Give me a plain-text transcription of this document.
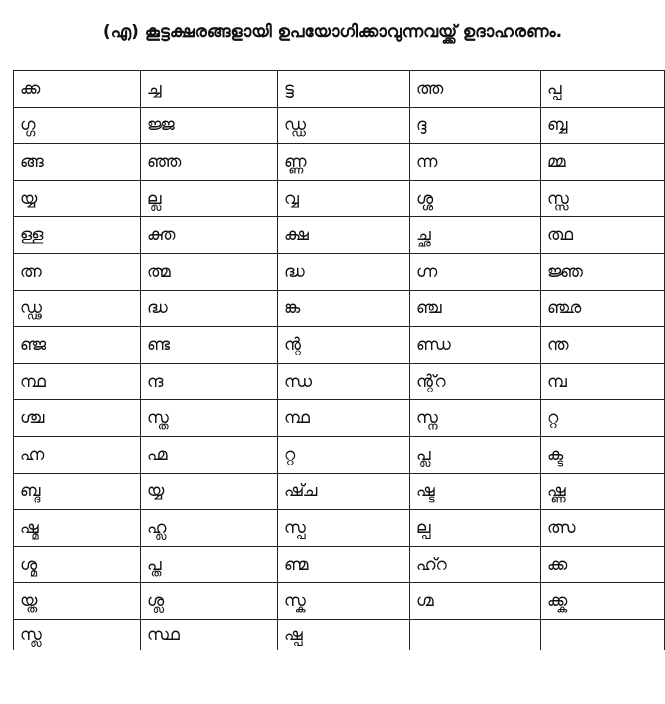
(എ) കൂട്ടക്ഷരങ്ങളായി ഉപയോഗിക്കാവുന്നവയ്ക്ക് ഉദാഹരണം.
ക്ക	ച്ച	ട്ട	ത്ത	പ്പ

ഗ്ഗ	ജ്ജ	ഡ്ഡ	ദ്ദ	ബ്ബ

ങ്ങ	ഞ്ഞ	ണ്ണ	ന്ന	മ്മ

യ്യ	ല്ല	വ്വ	ശ്ശ	സ്സ

ള്ള	ക്ത	ക്ഷ	ച്ഛ	ത്ഥ

ത്ന	ത്മ	ദ്ധ	ഗ്ന	ജ്ഞ

ഡ്ഢ	ദ്ധ	ങ്ക	ഞ്ച	ഞ്ഛ

ഞ്ജ	ണ്ട	ന്റ	ണ്ഡ	ന്ത

ന്ഥ	ന്ദ	ന്ധ	ന്റ്റ	മ്പ

ശ്ച	സ്ത	ന്ഥ	സ്ന	റ്റ

ഹ്ന	ഹ്മ	റ്റ	പ്ല	ക്ട

ബ്ദ	യ്യ	ഷ്ച	ഷ്ട	ഷ്ണ

ഷ്മ	ഹ്ല	സ്പ	ല്പ	ത്സ

ശ്മ	പ്ത	ണ്മ	ഹ്റ	ക്ക

യ്ത	ശ്ല	സ്ക	ഗ്മ	ക്ക്ക

സ്ല	സ്ഥ	ഷ്പ		
